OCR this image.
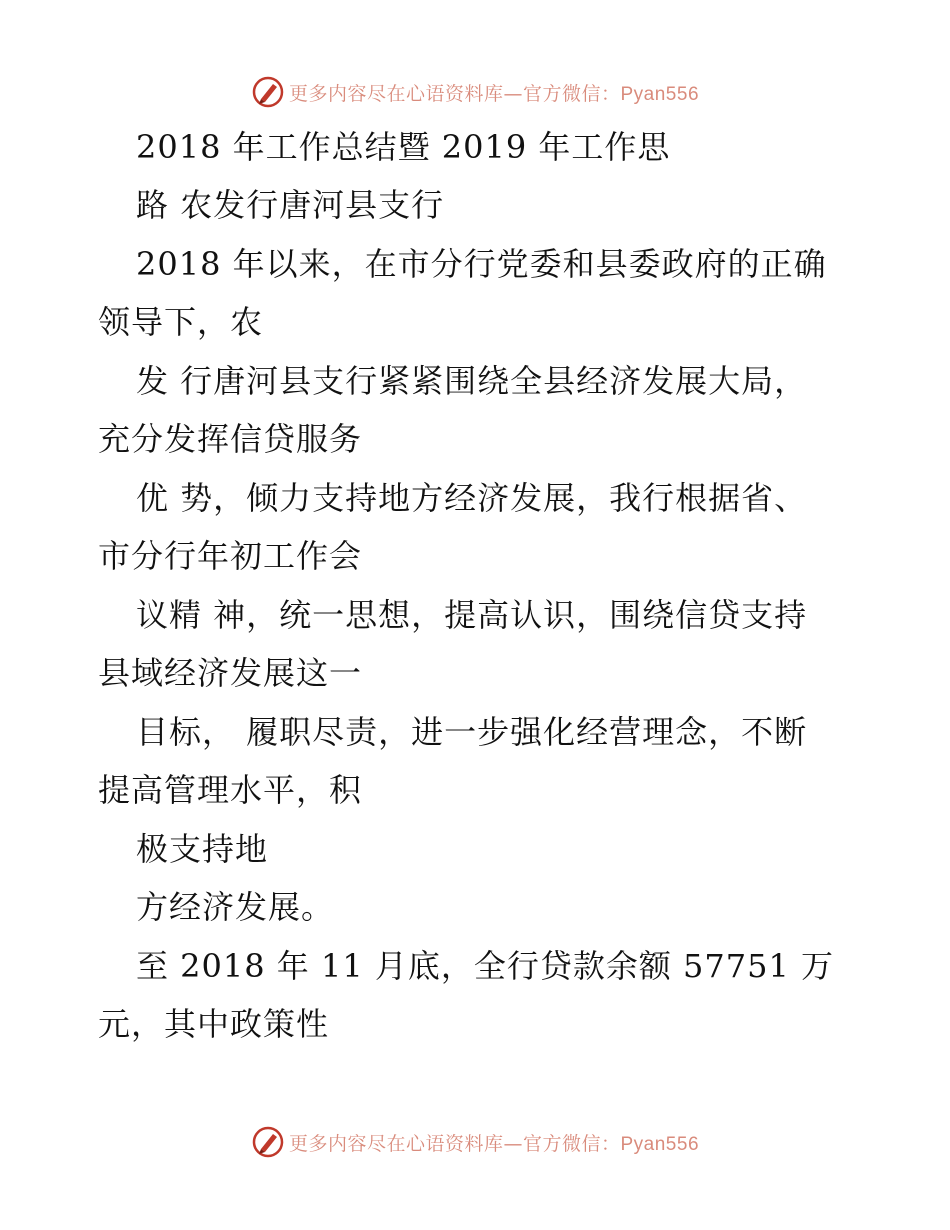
更多内容尽在心语资料库—官方微信：Pyan556
2018 年工作总结暨 2019 年工作思
路 农发行唐河县支行
2018 年以来，在市分行党委和县委政府的正确
领导下，农
发 行唐河县支行紧紧围绕全县经济发展大局，
充分发挥信贷服务
优 势，倾力支持地方经济发展，我行根据省、
市分行年初工作会
议精 神，统一思想，提高认识，围绕信贷支持
县域经济发展这一
目标， 履职尽责，进一步强化经营理念，不断
提高管理水平，积
极支持地
方经济发展。
至 2018 年 11 月底，全行贷款余额 57751 万
元，其中政策性
更多内容尽在心语资料库—官方微信：Pyan556
